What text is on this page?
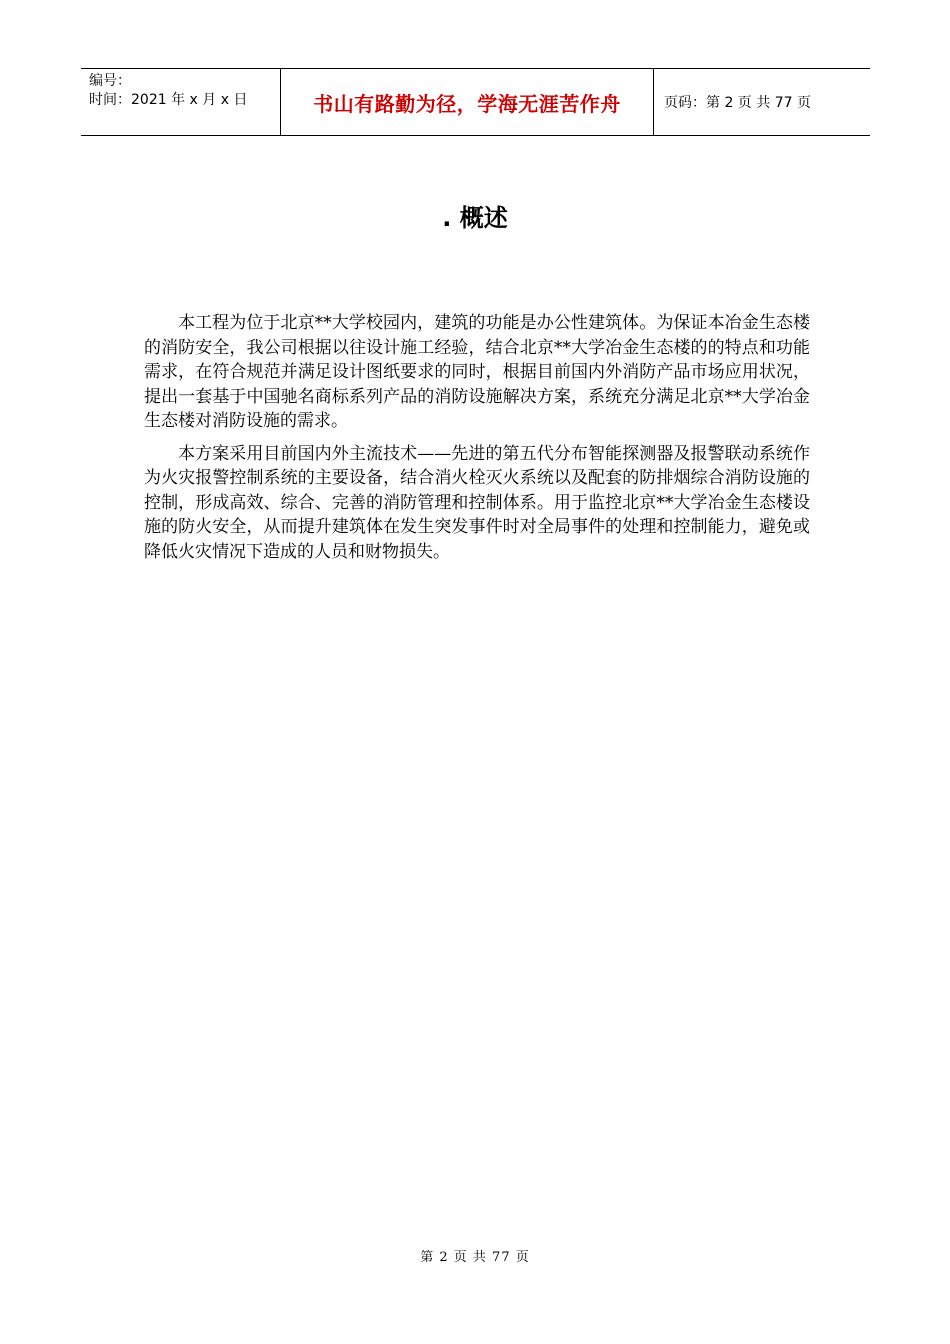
编号：
时间：2021 年 x 月 x 日	书山有路勤为径，学海无涯苦作舟	页码：第 2 页 共 77 页
. 概述

本工程为位于北京**大学校园内，建筑的功能是办公性建筑体。为保证本冶金生态楼的消防安全，我公司根据以往设计施工经验，结合北京**大学冶金生态楼的的特点和功能需求，在符合规范并满足设计图纸要求的同时，根据目前国内外消防产品市场应用状况，提出一套基于中国驰名商标系列产品的消防设施解决方案，系统充分满足北京**大学冶金生态楼对消防设施的需求。

本方案采用目前国内外主流技术——先进的第五代分布智能探测器及报警联动系统作为火灾报警控制系统的主要设备，结合消火栓灭火系统以及配套的防排烟综合消防设施的控制，形成高效、综合、完善的消防管理和控制体系。用于监控北京**大学冶金生态楼设施的防火安全，从而提升建筑体在发生突发事件时对全局事件的处理和控制能力，避免或降低火灾情况下造成的人员和财物损失。

第 2 页 共 77 页
